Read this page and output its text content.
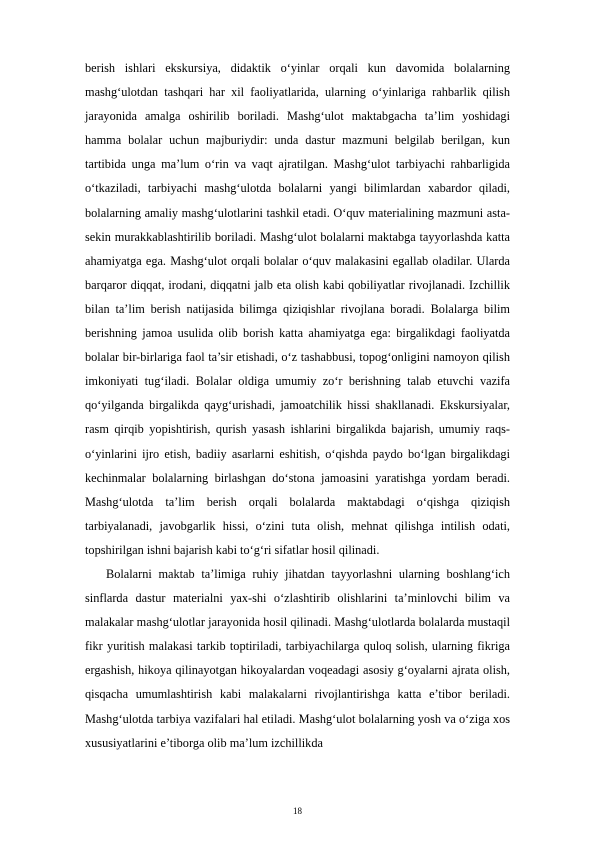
berish ishlari ekskursiya, didaktik o‘yinlar orqali kun davomida bolalarning mashg‘ulotdan tashqari har xil faoliyatlarida, ularning o‘yinlariga rahbarlik qilish jarayonida amalga oshirilib boriladi. Mashg‘ulot maktabgacha ta’lim yoshidagi hamma bolalar uchun majburiydir: unda dastur mazmuni belgilab berilgan, kun tartibida unga ma’lum o‘rin va vaqt ajratilgan. Mashg‘ulot tarbiyachi rahbarligida o‘tkaziladi, tarbiyachi mashg‘ulotda bolalarni yangi bilimlardan xabardor qiladi, bolalarning amaliy mashg‘ulotlarini tashkil etadi. O‘quv materialining mazmuni asta-sekin murakkablashtirilib boriladi. Mashg‘ulot bolalarni maktabga tayyorlashda katta ahamiyatga ega. Mashg‘ulot orqali bolalar o‘quv malakasini egallab oladilar. Ularda barqaror diqqat, irodani, diqqatni jalb eta olish kabi qobiliyatlar rivojlanadi. Izchillik bilan ta’lim berish natijasida bilimga qiziqishlar rivojlana boradi. Bolalarga bilim berishning jamoa usulida olib borish katta ahamiyatga ega: birgalikdagi faoliyatda bolalar bir-birlariga faol ta’sir etishadi, o‘z tashabbusi, topog‘onligini namoyon qilish imkoniyati tug‘iladi. Bolalar oldiga umumiy zo‘r berishning talab etuvchi vazifa qo‘yilganda birgalikda qayg‘urishadi, jamoatchilik hissi shakllanadi. Ekskursiyalar, rasm qirqib yopishtirish, qurish yasash ishlarini birgalikda bajarish, umumiy raqs-o‘yinlarini ijro etish, badiiy asarlarni eshitish, o‘qishda paydo bo‘lgan birgalikdagi kechinmalar bolalarning birlashgan do‘stona jamoasini yaratishga yordam beradi. Mashg‘ulotda ta’lim berish orqali bolalarda maktabdagi o‘qishga qiziqish tarbiyalanadi, javobgarlik hissi, o‘zini tuta olish, mehnat qilishga intilish odati, topshirilgan ishni bajarish kabi to‘g‘ri sifatlar hosil qilinadi.

Bolalarni maktab ta’limiga ruhiy jihatdan tayyorlashni ularning boshlang‘ich sinflarda dastur materialni yax-shi o‘zlashtirib olishlarini ta’minlovchi bilim va malakalar mashg‘ulotlar jarayonida hosil qilinadi. Mashg‘ulotlarda bolalarda mustaqil fikr yuritish malakasi tarkib toptiriladi, tarbiyachilarga quloq solish, ularning fikriga ergashish, hikoya qilinayotgan hikoyalardan voqeadagi asosiy g‘oyalarni ajrata olish, qisqacha umumlashtirish kabi malakalarni rivojlantirishga katta e’tibor beriladi. Mashg‘ulotda tarbiya vazifalari hal etiladi. Mashg‘ulot bolalarning yosh va o‘ziga xos xususiyatlarini e’tiborga olib ma’lum izchillikda

18
